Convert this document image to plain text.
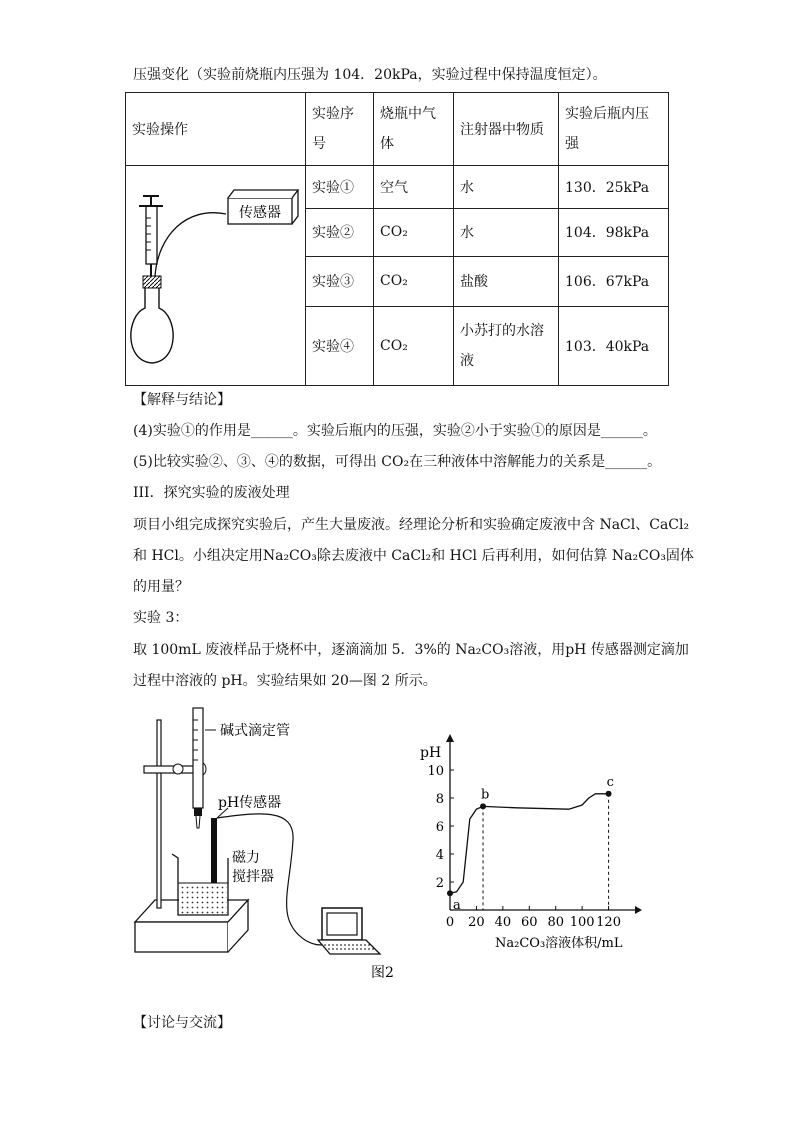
压强变化（实验前烧瓶内压强为 104．20kPa，实验过程中保持温度恒定）。
实验操作	实验序号	烧瓶中气体	注射器中物质	实验后瓶内压强

传感器	实验①	空气	水	130．25kPa
	实验②	CO₂	水	104．98kPa
	实验③	CO₂	盐酸	106．67kPa
	实验④	CO₂	小苏打的水溶液	103．40kPa
【解释与结论】
(4)实验①的作用是______。实验后瓶内的压强，实验②小于实验①的原因是______。
(5)比较实验②、③、④的数据，可得出 CO₂在三种液体中溶解能力的关系是______。
III．探究实验的废液处理
项目小组完成探究实验后，产生大量废液。经理论分析和实验确定废液中含 NaCl、CaCl₂
和 HCl。小组决定用Na₂CO₃除去废液中 CaCl₂和 HCl 后再利用，如何估算 Na₂CO₃固体
的用量？
实验 3：
取 100mL 废液样品于烧杯中，逐滴滴加 5．3%的 Na₂CO₃溶液，用pH 传感器测定滴加
过程中溶液的 pH。实验结果如 20—图 2 所示。
碱式滴定管
pH传感器
磁力
搅拌器
图2
pH
Na₂CO₃溶液体积/mL
0 20 40 60 80 100 120
2
4
6
8
10
a
b
c
【讨论与交流】
